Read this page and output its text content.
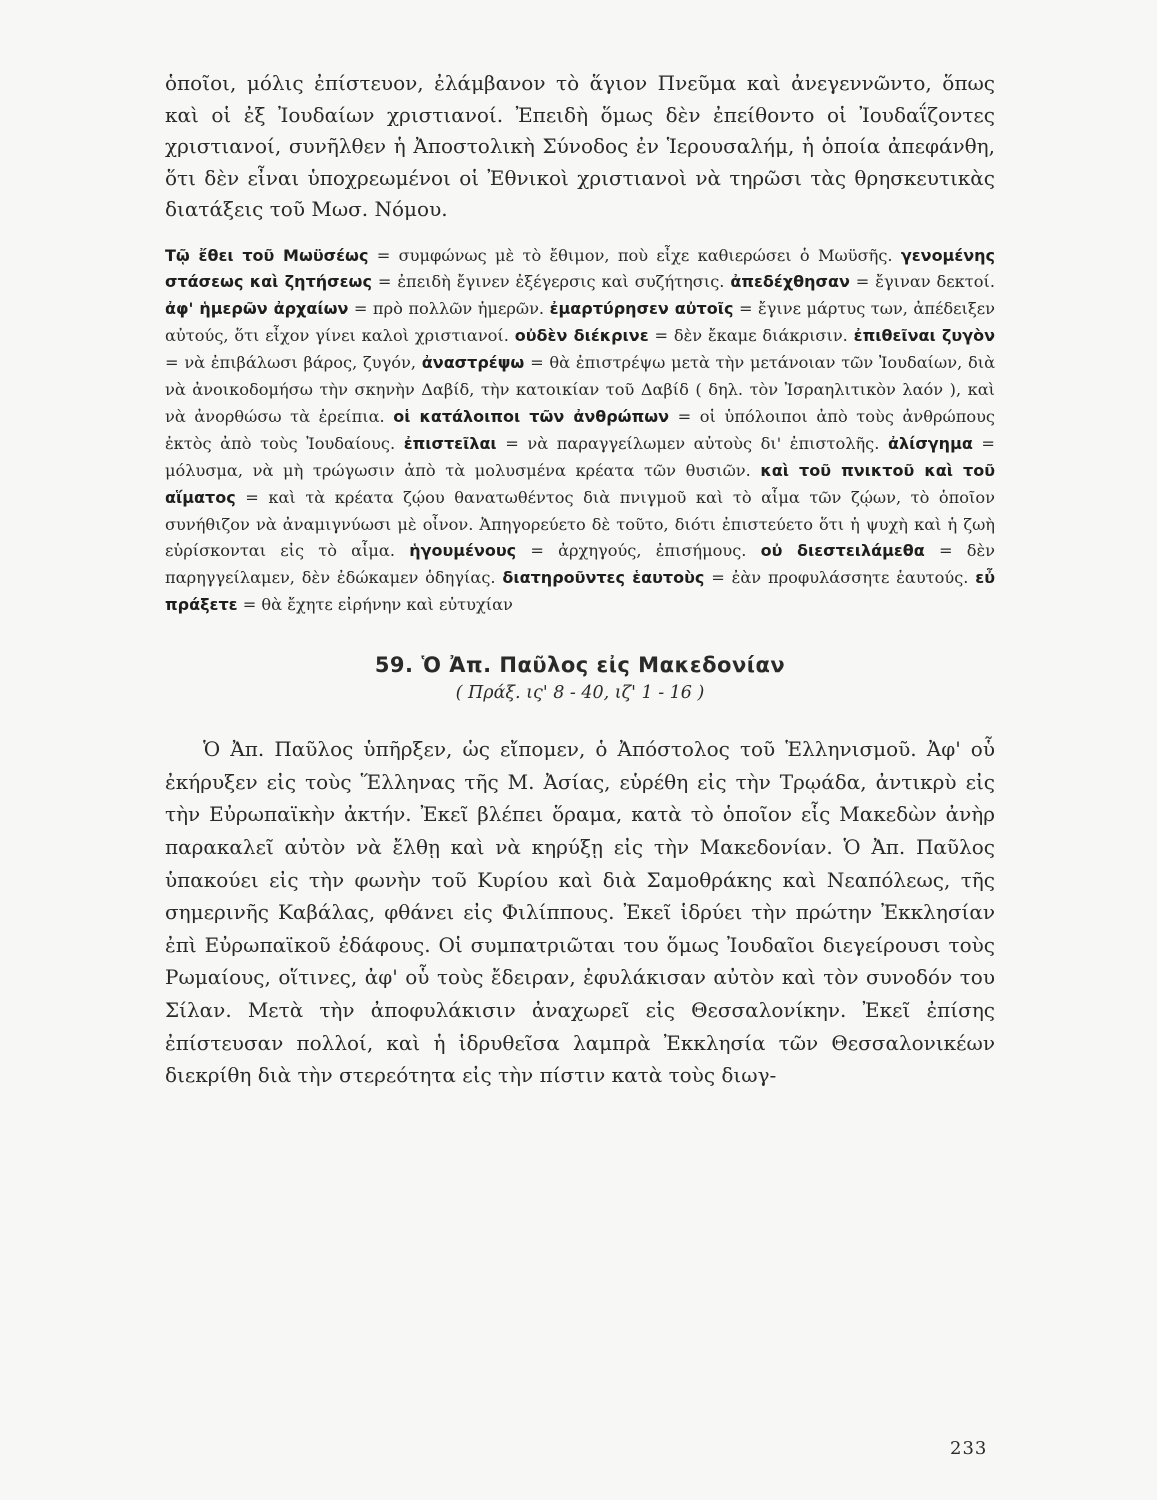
ὁποῖοι, μόλις ἐπίστευον, ἐλάμβανον τὸ ἅγιον Πνεῦμα καὶ ἀνεγεννῶντο, ὅπως καὶ οἱ ἐξ Ἰουδαίων χριστιανοί. Ἐπειδὴ ὅμως δὲν ἐπείθοντο οἱ Ἰουδαΐζοντες χριστιανοί, συνῆλθεν ἡ Ἀποστολικὴ Σύνοδος ἐν Ἱερουσαλήμ, ἡ ὁποία ἀπεφάνθη, ὅτι δὲν εἶναι ὑποχρεωμένοι οἱ Ἐθνικοὶ χριστιανοὶ νὰ τηρῶσι τὰς θρησκευτικὰς διατάξεις τοῦ Μωσ. Νόμου.

Τῷ ἔθει τοῦ Μωϋσέως = συμφώνως μὲ τὸ ἔθιμον, ποὺ εἶχε καθιερώσει ὁ Μωϋσῆς. γενομένης στάσεως καὶ ζητήσεως = ἐπειδὴ ἔγινεν ἐξέγερσις καὶ συζήτησις. ἀπεδέχθησαν = ἔγιναν δεκτοί. ἀφ' ἡμερῶν ἀρχαίων = πρὸ πολλῶν ἡμερῶν. ἐμαρτύρησεν αὐτοῖς = ἔγινε μάρτυς των, ἀπέδειξεν αὐτούς, ὅτι εἶχον γίνει καλοὶ χριστιανοί. οὐδὲν διέκρινε = δὲν ἔκαμε διάκρισιν. ἐπιθεῖναι ζυγὸν = νὰ ἐπιβάλωσι βάρος, ζυγόν, ἀναστρέψω = θὰ ἐπιστρέψω μετὰ τὴν μετάνοιαν τῶν Ἰουδαίων, διὰ νὰ ἀνοικοδομήσω τὴν σκηνὴν Δαβίδ, τὴν κατοικίαν τοῦ Δαβίδ ( δηλ. τὸν Ἰσραηλιτικὸν λαόν ), καὶ νὰ ἀνορθώσω τὰ ἐρείπια. οἱ κατάλοιποι τῶν ἀνθρώπων = οἱ ὑπόλοιποι ἀπὸ τοὺς ἀνθρώπους ἐκτὸς ἀπὸ τοὺς Ἰουδαίους. ἐπιστεῖλαι = νὰ παραγγείλωμεν αὐτοὺς δι' ἐπιστολῆς. ἀλίσγημα = μόλυσμα, νὰ μὴ τρώγωσιν ἀπὸ τὰ μολυσμένα κρέατα τῶν θυσιῶν. καὶ τοῦ πνικτοῦ καὶ τοῦ αἵματος = καὶ τὰ κρέατα ζῴου θανατωθέντος διὰ πνιγμοῦ καὶ τὸ αἷμα τῶν ζῴων, τὸ ὁποῖον συνήθιζον νὰ ἀναμιγνύωσι μὲ οἶνον. Ἀπηγορεύετο δὲ τοῦτο, διότι ἐπιστεύετο ὅτι ἡ ψυχὴ καὶ ἡ ζωὴ εὑρίσκονται εἰς τὸ αἷμα. ἡγουμένους = ἀρχηγούς, ἐπισήμους. οὐ διεστειλάμεθα = δὲν παρηγγείλαμεν, δὲν ἐδώκαμεν ὁδηγίας. διατηροῦντες ἑαυτοὺς = ἐὰν προφυλάσσητε ἑαυτούς. εὖ πράξετε = θὰ ἔχητε εἰρήνην καὶ εὐτυχίαν

59. Ὁ Ἀπ. Παῦλος εἰς Μακεδονίαν
( Πράξ. ις' 8 - 40, ιζ' 1 - 16 )

Ὁ Ἀπ. Παῦλος ὑπῆρξεν, ὡς εἴπομεν, ὁ Ἀπόστολος τοῦ Ἑλληνισμοῦ. Ἀφ' οὗ ἐκήρυξεν εἰς τοὺς Ἕλληνας τῆς Μ. Ἀσίας, εὑρέθη εἰς τὴν Τρῳάδα, ἀντικρὺ εἰς τὴν Εὐρωπαϊκὴν ἀκτήν. Ἐκεῖ βλέπει ὅραμα, κατὰ τὸ ὁποῖον εἷς Μακεδὼν ἀνὴρ παρακαλεῖ αὐτὸν νὰ ἔλθῃ καὶ νὰ κηρύξῃ εἰς τὴν Μακεδονίαν. Ὁ Ἀπ. Παῦλος ὑπακούει εἰς τὴν φωνὴν τοῦ Κυρίου καὶ διὰ Σαμοθράκης καὶ Νεαπόλεως, τῆς σημερινῆς Καβάλας, φθάνει εἰς Φιλίππους. Ἐκεῖ ἱδρύει τὴν πρώτην Ἐκκλησίαν ἐπὶ Εὐρωπαϊκοῦ ἐδάφους. Οἱ συμπατριῶται του ὅμως Ἰουδαῖοι διεγείρουσι τοὺς Ρωμαίους, οἵτινες, ἀφ' οὗ τοὺς ἔδειραν, ἐφυλάκισαν αὐτὸν καὶ τὸν συνοδόν του Σίλαν. Μετὰ τὴν ἀποφυλάκισιν ἀναχωρεῖ εἰς Θεσσαλονίκην. Ἐκεῖ ἐπίσης ἐπίστευσαν πολλοί, καὶ ἡ ἱδρυθεῖσα λαμπρὰ Ἐκκλησία τῶν Θεσσαλονικέων διεκρίθη διὰ τὴν στερεότητα εἰς τὴν πίστιν κατὰ τοὺς διωγ-

233
